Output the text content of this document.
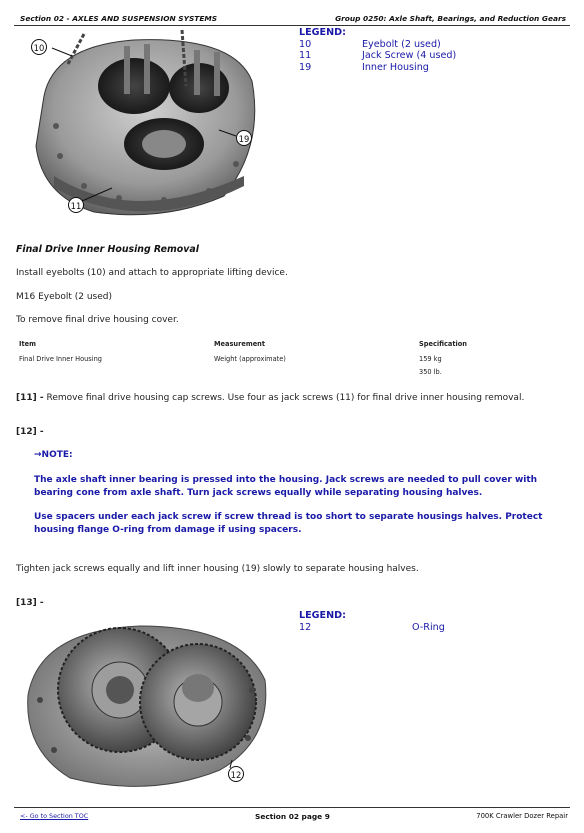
Section 02 - AXLES AND SUSPENSION SYSTEMS	Group 0250: Axle Shaft, Bearings, and Reduction Gears
10
11
19
LEGEND:
10	Eyebolt (2 used)
11	Jack Screw (4 used)
19	Inner Housing
Final Drive Inner Housing Removal
Install eyebolts (10) and attach to appropriate lifting device.
M16 Eyebolt (2 used)
To remove final drive housing cover.
Item	Measurement	Specification
Final Drive Inner Housing	Weight (approximate)	159 kg
350 lb.
[11] - Remove final drive housing cap screws. Use four as jack screws (11) for final drive inner housing removal.
[12] -
→NOTE:
The axle shaft inner bearing is pressed into the housing. Jack screws are needed to pull cover with
bearing cone from axle shaft. Turn jack screws equally while separating housing halves.
Use spacers under each jack screw if screw thread is too short to separate housings halves. Protect
housing flange O-ring from damage if using spacers.
Tighten jack screws equally and lift inner housing (19) slowly to separate housing halves.
[13] -
12
LEGEND:
12	O-Ring
<- Go to Section TOC	Section 02 page 9	700K Crawler Dozer Repair
